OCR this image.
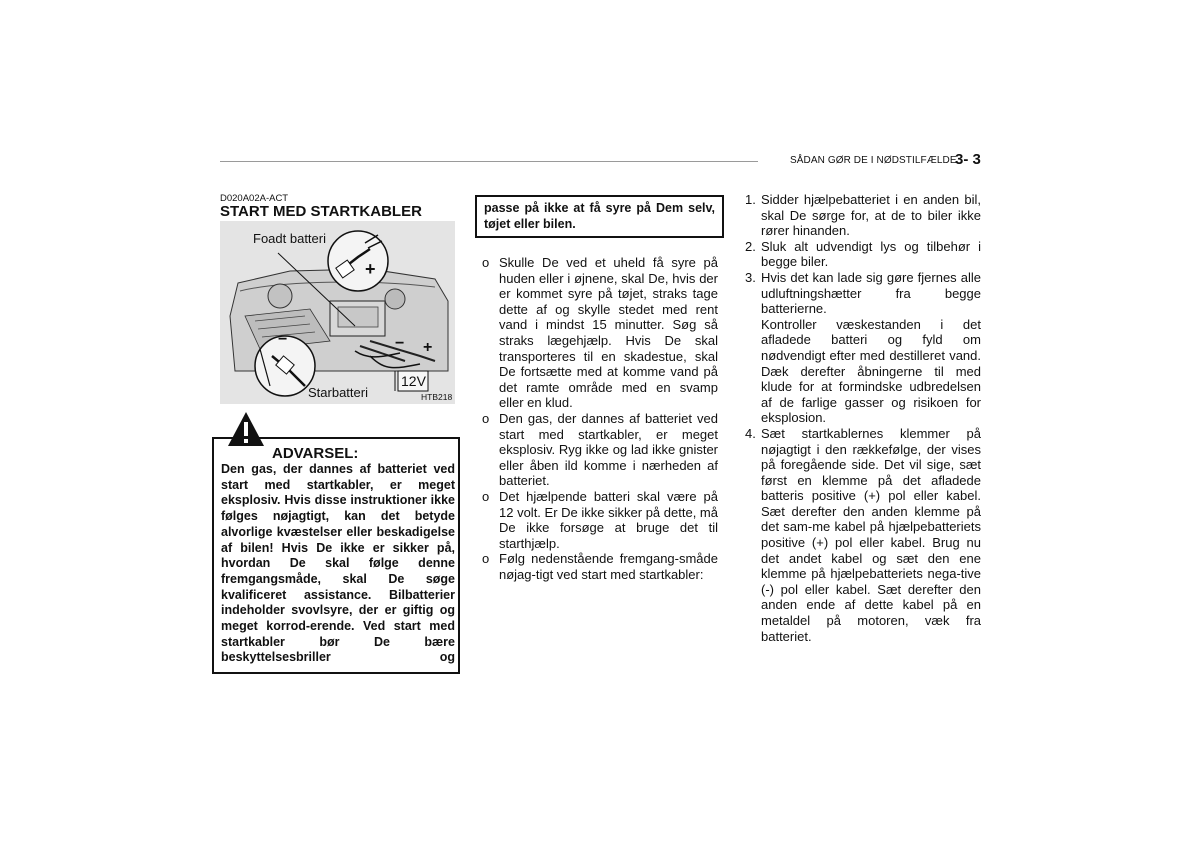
SÅDAN GØR DE I NØDSTILFÆLDE
3- 3
D020A02A-ACT
START MED STARTKABLER
Foadt batteri
+
−	− +
Starbatteri
12V
HTB218
ADVARSEL:
Den gas, der dannes af batteriet ved start med startkabler, er meget eksplosiv. Hvis disse instruktioner ikke følges nøjagtigt, kan det betyde alvorlige kvæstelser eller beskadigelse af bilen! Hvis De ikke er sikker på, hvordan De skal følge denne fremgangsmåde, skal De søge kvalificeret assistance. Bilbatterier indeholder svovlsyre, der er giftig og meget korrod-erende. Ved start med startkabler bør De bære beskyttelsesbriller og
passe på ikke at få syre på Dem selv, tøjet eller bilen.
o Skulle De ved et uheld få syre på huden eller i øjnene, skal De, hvis der er kommet syre på tøjet, straks tage dette af og skylle stedet med rent vand i mindst 15 minutter. Søg så straks lægehjælp. Hvis De skal transporteres til en skadestue, skal De fortsætte med at komme vand på det ramte område med en svamp eller en klud.
o Den gas, der dannes af batteriet ved start med startkabler, er meget eksplosiv. Ryg ikke og lad ikke gnister eller åben ild komme i nærheden af batteriet.
o Det hjælpende batteri skal være på 12 volt. Er De ikke sikker på dette, må De ikke forsøge at bruge det til starthjælp.
o Følg nedenstående fremgang-småde nøjag-tigt ved start med startkabler:
1. Sidder hjælpebatteriet i en anden bil, skal De sørge for, at de to biler ikke rører hinanden.
2. Sluk alt udvendigt lys og tilbehør i begge biler.
3. Hvis det kan lade sig gøre fjernes alle udluftningshætter fra begge batterierne.
Kontroller væskestanden i det afladede batteri og fyld om nødvendigt efter med destilleret vand. Dæk derefter åbningerne til med klude for at formindske udbredelsen af de farlige gasser og risikoen for eksplosion.
4. Sæt startkablernes klemmer på nøjagtigt i den rækkefølge, der vises på foregående side. Det vil sige, sæt først en klemme på det afladede batteris positive (+) pol eller kabel. Sæt derefter den anden klemme på det sam-me kabel på hjælpebatteriets positive (+) pol eller kabel. Brug nu det andet kabel og sæt den ene klemme på hjælpebatteriets nega-tive (-) pol eller kabel. Sæt derefter den anden ende af dette kabel på en metaldel på motoren, væk fra batteriet.
